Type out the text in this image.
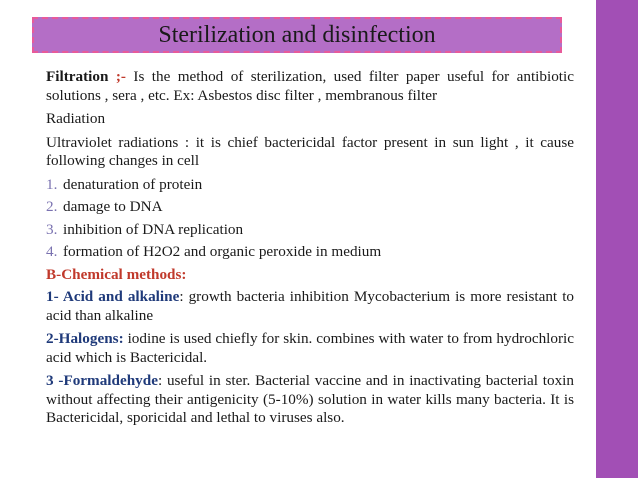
Sterilization and disinfection

Filtration ;- Is the method of sterilization, used filter paper useful for antibiotic solutions , sera , etc. Ex: Asbestos disc filter , membranous filter

Radiation

Ultraviolet radiations : it is chief bactericidal factor present in sun light , it cause following changes in cell

1. denaturation of protein
2. damage to DNA
3. inhibition of DNA replication
4. formation of H2O2 and organic peroxide in medium

B-Chemical methods:

1- Acid and alkaline: growth bacteria inhibition Mycobacterium is more resistant to acid than alkaline

2-Halogens: iodine is used chiefly for skin. combines with water to from hydrochloric acid which is Bactericidal.

3 -Formaldehyde: useful in ster. Bacterial vaccine and in inactivating bacterial toxin without affecting their antigenicity (5-10%) solution in water kills many bacteria. It is Bactericidal, sporicidal and lethal to viruses also.
